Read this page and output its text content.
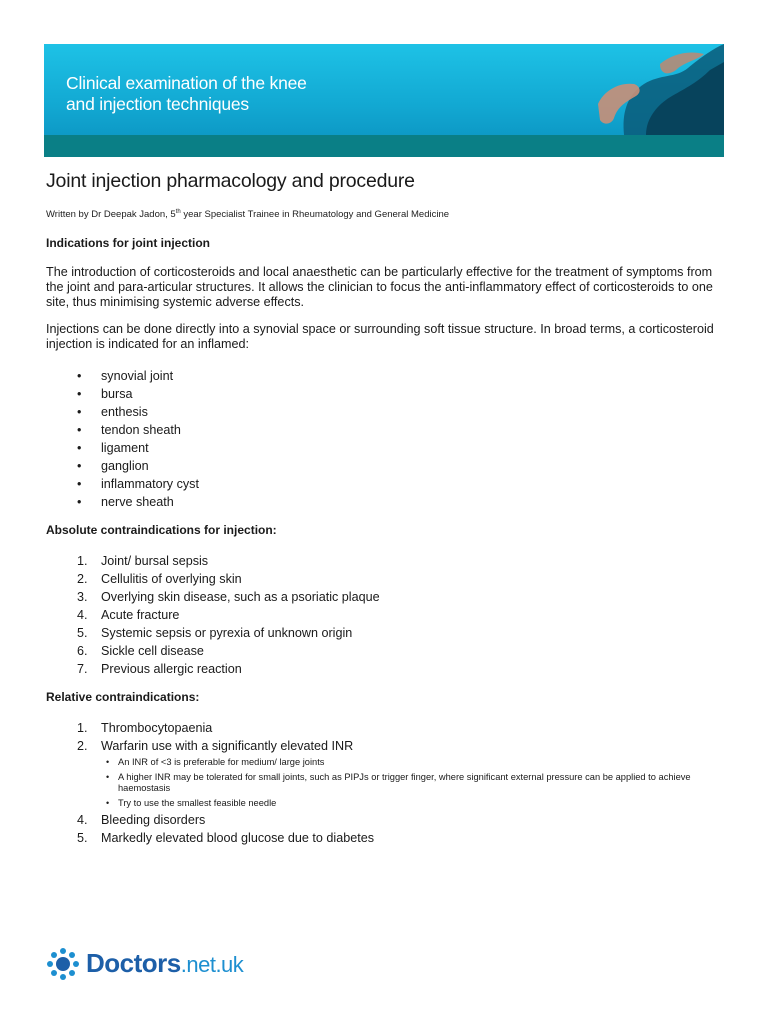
Clinical examination of the knee
and injection techniques
Joint injection pharmacology and procedure
Written by Dr Deepak Jadon, 5th year Specialist Trainee in Rheumatology and General Medicine
Indications for joint injection

The introduction of corticosteroids and local anaesthetic can be particularly effective for the treatment of symptoms from the joint and para-articular structures. It allows the clinician to focus the anti-inflammatory effect of corticosteroids to one site, thus minimising systemic adverse effects.

Injections can be done directly into a synovial space or surrounding soft tissue structure. In broad terms, a corticosteroid injection is indicated for an inflamed:

• synovial joint
• bursa
• enthesis
• tendon sheath
• ligament
• ganglion
• inflammatory cyst
• nerve sheath
Absolute contraindications for injection:
1. Joint/ bursal sepsis
2. Cellulitis of overlying skin
3. Overlying skin disease, such as a psoriatic plaque
4. Acute fracture
5. Systemic sepsis or pyrexia of unknown origin
6. Sickle cell disease
7. Previous allergic reaction
Relative contraindications:
1. Thrombocytopaenia
2. Warfarin use with a significantly elevated INR
• An INR of <3 is preferable for medium/ large joints
• A higher INR may be tolerated for small joints, such as PIPJs or trigger finger, where significant external pressure can be applied to achieve haemostasis
• Try to use the smallest feasible needle
4. Bleeding disorders
5. Markedly elevated blood glucose due to diabetes
Doctors.net.uk
